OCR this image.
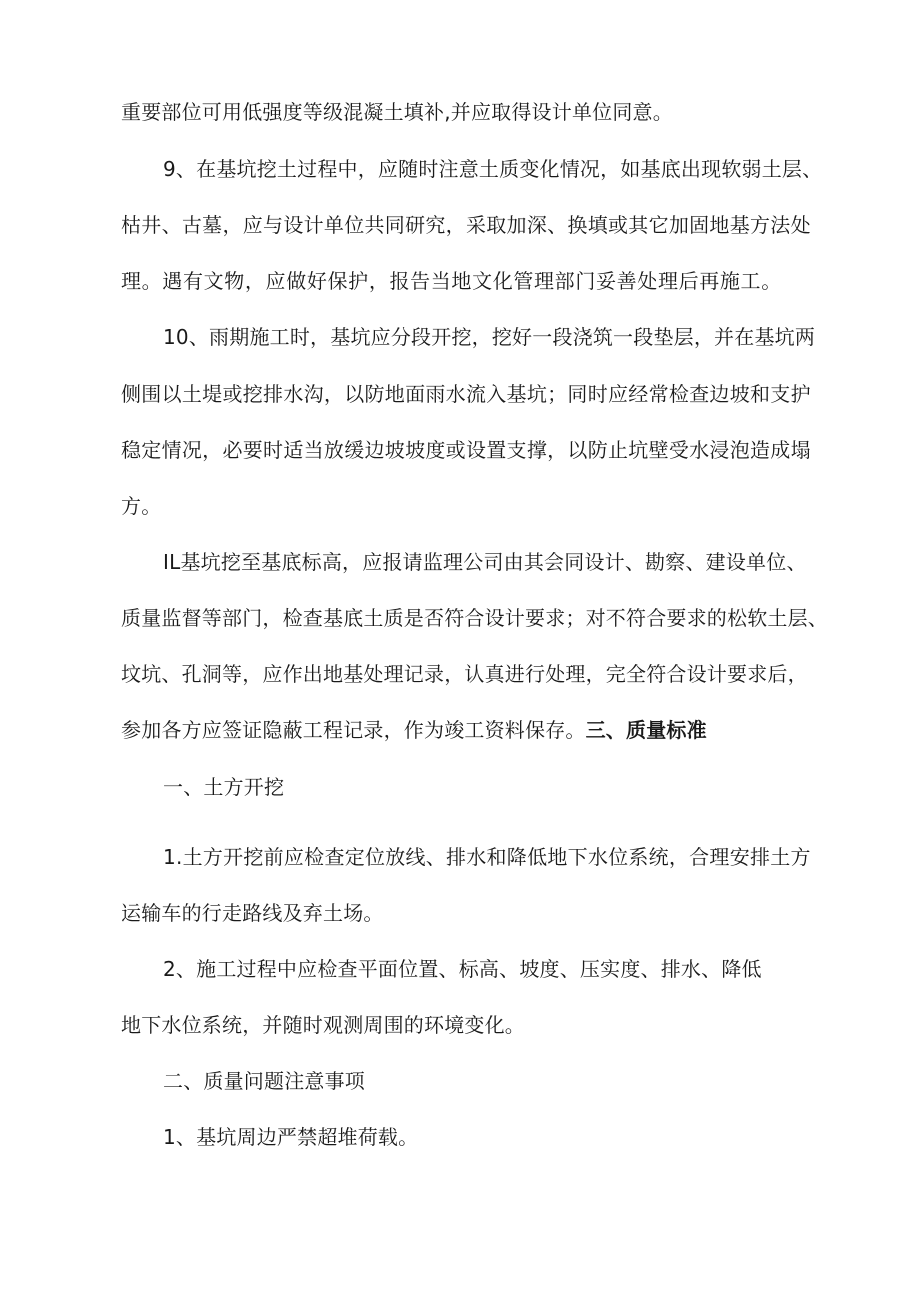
重要部位可用低强度等级混凝土填补,并应取得设计单位同意。
9、在基坑挖土过程中，应随时注意土质变化情况，如基底出现软弱土层、
枯井、古墓，应与设计单位共同研究，采取加深、换填或其它加固地基方法处
理。遇有文物，应做好保护，报告当地文化管理部门妥善处理后再施工。
10、雨期施工时，基坑应分段开挖，挖好一段浇筑一段垫层，并在基坑两
侧围以土堤或挖排水沟，以防地面雨水流入基坑；同时应经常检查边坡和支护
稳定情况，必要时适当放缓边坡坡度或设置支撑，以防止坑壁受水浸泡造成塌
方。
IL基坑挖至基底标高，应报请监理公司由其会同设计、勘察、建设单位、
质量监督等部门，检查基底土质是否符合设计要求；对不符合要求的松软土层、
坟坑、孔洞等，应作出地基处理记录，认真进行处理，完全符合设计要求后，
参加各方应签证隐蔽工程记录，作为竣工资料保存。三、质量标准
一、土方开挖
1.土方开挖前应检查定位放线、排水和降低地下水位系统，合理安排土方
运输车的行走路线及弃土场。
2、施工过程中应检查平面位置、标高、坡度、压实度、排水、降低
地下水位系统，并随时观测周围的环境变化。
二、质量问题注意事项
1、基坑周边严禁超堆荷载。
